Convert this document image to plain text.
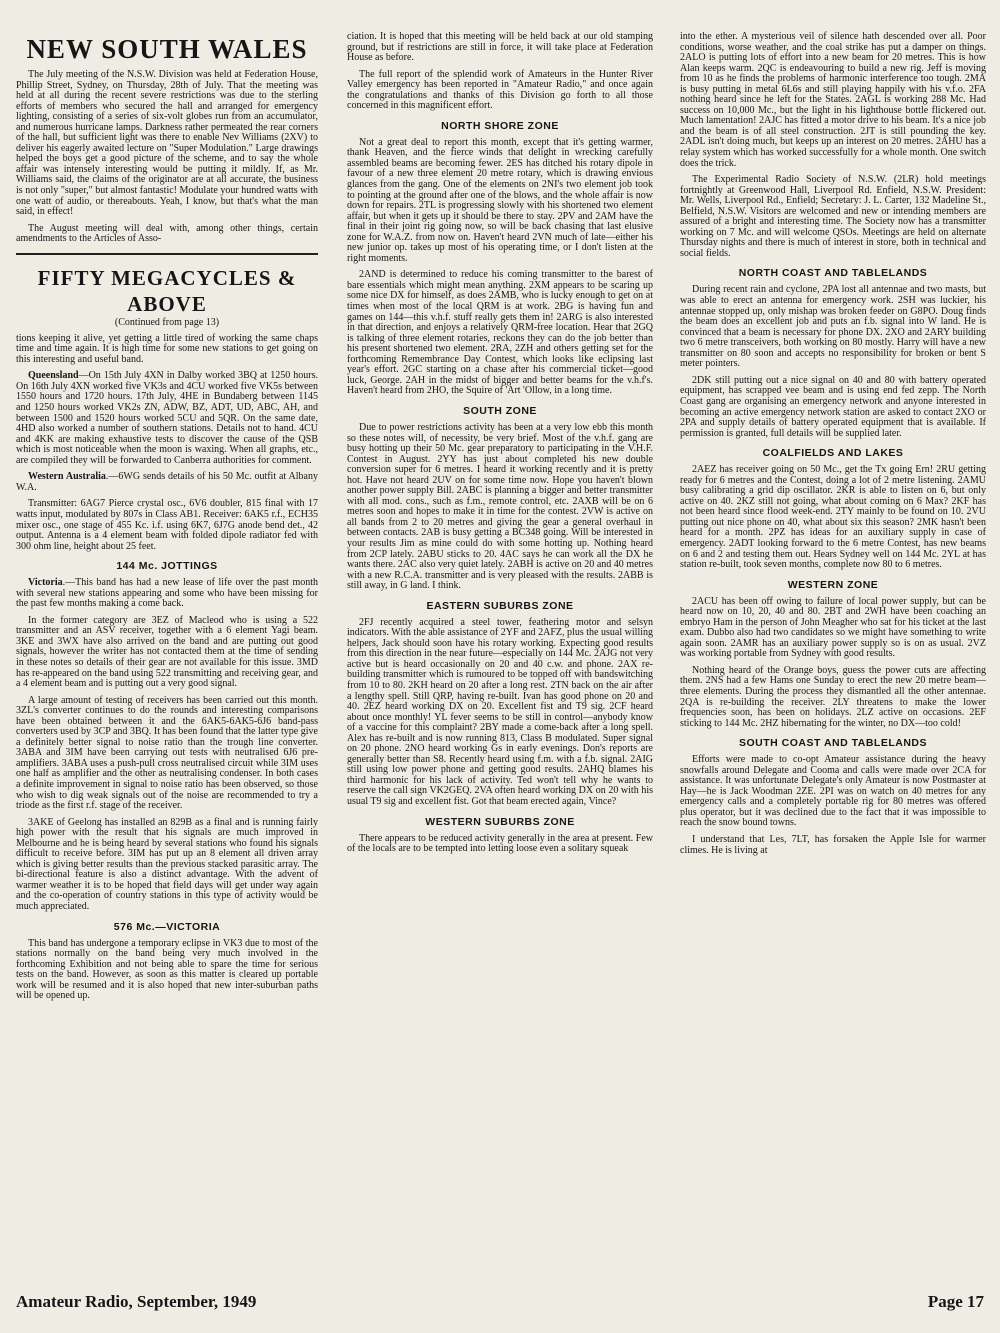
NEW SOUTH WALES

The July meeting of the N.S.W. Division was held at Federation House, Phillip Street, Sydney, on Thursday, 28th of July. That the meeting was held at all during the recent severe restrictions was due to the sterling efforts of members who secured the hall and arranged for emergency lighting, consisting of a series of six-volt globes run from an accumulator, and numerous hurricane lamps. Darkness rather permeated the rear corners of the hall, but sufficient light was there to enable Nev Williams (2XV) to deliver his eagerly awaited lecture on "Super Modulation." Large drawings helped the boys get a good picture of the scheme, and to say the whole affair was intensely interesting would be putting it mildly. If, as Mr. Williams said, the claims of the originator are at all accurate, the business is not only "super," but almost fantastic! Modulate your hundred watts with one watt of audio, or thereabouts. Yeah, I know, but that's what the man said, in effect!

The August meeting will deal with, among other things, certain amendments to the Articles of Asso-

FIFTY MEGACYCLES & ABOVE
(Continued from page 13)

tions keeping it alive, yet getting a little tired of working the same chaps time and time again. It is high time for some new stations to get going on this interesting and useful band.

Queensland—On 15th July 4XN in Dalby worked 3BQ at 1250 hours. On 16th July 4XN worked five VK3s and 4CU worked five VK5s between 1550 hours and 1720 hours. 17th July, 4HE in Bundaberg between 1145 and 1250 hours worked VK2s ZN, ADW, BZ, ADT, UD, ABC, AH, and between 1500 and 1520 hours worked 5CU and 5QR. On the same date, 4HD also worked a number of southern stations. Details not to hand. 4CU and 4KK are making exhaustive tests to discover the cause of the QSB which is most noticeable when the moon is waxing. When all graphs, etc., are compiled they will be forwarded to Canberra authorities for comment.

Western Australia.—6WG sends details of his 50 Mc. outfit at Albany W.A.

Transmitter: 6AG7 Pierce crystal osc., 6V6 doubler, 815 final with 17 watts input, modulated by 807s in Class AB1. Receiver: 6AK5 r.f., ECH35 mixer osc., one stage of 455 Kc. i.f. using 6K7, 6J7G anode bend det., 42 output. Antenna is a 4 element beam with folded dipole radiator fed with 300 ohm line, height about 25 feet.

144 Mc. JOTTINGS

Victoria.—This band has had a new lease of life over the past month with several new stations appearing and some who have been missing for the past few months making a come back.

In the former category are 3EZ of Macleod who is using a 522 transmitter and an ASV receiver, together with a 6 element Yagi beam. 3KE and 3WX have also arrived on the band and are putting out good signals, however the writer has not contacted them at the time of sending in these notes so details of their gear are not available for this issue. 3MD has re-appeared on the band using 522 transmitting and receiving gear, and a 4 element beam and is putting out a very good signal.

A large amount of testing of receivers has been carried out this month. 3ZL's converter continues to do the rounds and interesting comparisons have been obtained between it and the 6AK5-6AK5-6J6 band-pass converters used by 3CP and 3BQ. It has been found that the latter type give a definitely better signal to noise ratio than the trough line converter. 3ABA and 3IM have been carrying out tests with neutralised 6J6 pre-amplifiers. 3ABA uses a push-pull cross neutralised circuit while 3IM uses one half as amplifier and the other as neutralising condenser. In both cases a definite improvement in signal to noise ratio has been observed, so those who wish to dig weak signals out of the noise are recommended to try a triode as the first r.f. stage of the receiver.

3AKE of Geelong has installed an 829B as a final and is running fairly high power with the result that his signals are much improved in Melbourne and he is being heard by several stations who found his signals difficult to receive before. 3IM has put up an 8 element all driven array which is giving better results than the previous stacked parasitic array. The bi-directional feature is also a distinct advantage. With the advent of warmer weather it is to be hoped that field days will get under way again and the co-operation of country stations in this type of activity would be much appreciated.

576 Mc.—VICTORIA

This band has undergone a temporary eclipse in VK3 due to most of the stations normally on the band being very much involved in the forthcoming Exhibition and not being able to spare the time for serious tests on the band. However, as soon as this matter is cleared up portable work will be resumed and it is also hoped that new inter-suburban paths will be opened up.

ciation. It is hoped that this meeting will be held back at our old stamping ground, but if restrictions are still in force, it will take place at Federation House as before.

The full report of the splendid work of Amateurs in the Hunter River Valley emergency has been reported in "Amateur Radio," and once again the congratulations and thanks of this Division go forth to all those concerned in this magnificent effort.

NORTH SHORE ZONE

Not a great deal to report this month, except that it's getting warmer, thank Heaven, and the fierce winds that delight in wrecking carefully assembled beams are becoming fewer. 2ES has ditched his rotary dipole in favour of a new three element 20 metre rotary, which is drawing envious glances from the gang. One of the elements on 2NI's two element job took to pointing at the ground after one of the blows, and the whole affair is now down for repairs. 2TL is progressing slowly with his shortened two element affair, but when it gets up it should be there to stay. 2PV and 2AM have the final in their joint rig going now, so will be back chasing that last elusive zone for W.A.Z. from now on. Haven't heard 2VN much of late—either his new junior op. takes up most of his operating time, or I don't listen at the right moments.

2AND is determined to reduce his coming transmitter to the barest of bare essentials which might mean anything. 2XM appears to be scaring up some nice DX for himself, as does 2AMB, who is lucky enough to get on at times when most of the local QRM is at work. 2BG is having fun and games on 144—this v.h.f. stuff really gets them in! 2ARG is also interested in that direction, and enjoys a relatively QRM-free location. Hear that 2GQ is talking of three element rotaries, reckons they can do the job better than his present shortened two element. 2RA, 2ZH and others getting set for the forthcoming Remembrance Day Contest, which looks like eclipsing last year's effort. 2GC starting on a chase after his commercial ticket—good luck, George. 2AH in the midst of bigger and better beams for the v.h.f's. Haven't heard from 2HO, the Squire of 'Art 'Ollow, in a long time.

SOUTH ZONE

Due to power restrictions activity has been at a very low ebb this month so these notes will, of necessity, be very brief. Most of the v.h.f. gang are busy hotting up their 50 Mc. gear preparatory to participating in the V.H.F. Contest in August. 2YY has just about completed his new double conversion super for 6 metres. I heard it working recently and it is pretty hot. Have not heard 2UV on for some time now. Hope you haven't blown another power supply Bill. 2ABC is planning a bigger and better transmitter with all mod. cons., such as f.m., remote control, etc. 2AXB will be on 6 metres soon and hopes to make it in time for the contest. 2VW is active on all bands from 2 to 20 metres and giving the gear a general overhaul in between contacts. 2AB is busy getting a BC348 going. Will be interested in your results Jim as mine could do with some hotting up. Nothing heard from 2CP lately. 2ABU sticks to 20. 4AC says he can work all the DX he wants there. 2AC also very quiet lately. 2ABH is active on 20 and 40 metres with a new R.C.A. transmitter and is very pleased with the results. 2ABB is still away, in G land. I think.

EASTERN SUBURBS ZONE

2FJ recently acquired a steel tower, feathering motor and selsyn indicators. With the able assistance of 2YF and 2AFZ, plus the usual willing helpers, Jack should soon have his rotary working. Expecting good results from this direction in the near future—especially on 144 Mc. 2AJG not very active but is heard occasionally on 20 and 40 c.w. and phone. 2AX re-building transmitter which is rumoured to be topped off with bandswitching from 10 to 80. 2KH heard on 20 after a long rest. 2TN back on the air after a lengthy spell. Still QRP, having re-built. Ivan has good phone on 20 and 40. 2EZ heard working DX on 20. Excellent fist and T9 sig. 2CF heard about once monthly! YL fever seems to be still in control—anybody know of a vaccine for this complaint? 2BY made a come-back after a long spell. Alex has re-built and is now running 813, Class B modulated. Super signal on 20 phone. 2NO heard working Gs in early evenings. Don's reports are generally better than S8. Recently heard using f.m. with a f.b. signal. 2AIG still using low power phone and getting good results. 2AHQ blames his third harmonic for his lack of activity. Ted won't tell why he wants to reserve the call sign VK2GEQ. 2VA often heard working DX on 20 with his usual T9 sig and excellent fist. Got that beam erected again, Vince?

WESTERN SUBURBS ZONE

There appears to be reduced activity generally in the area at present. Few of the locals are to be tempted into letting loose even a solitary squeak

into the ether. A mysterious veil of silence hath descended over all. Poor conditions, worse weather, and the coal strike has put a damper on things. 2ALO is putting lots of effort into a new beam for 20 metres. This is how Alan keeps warm. 2QC is endeavouring to build a new rig. Jeff is moving from 10 as he finds the problems of harmonic interference too tough. 2MA is busy putting in metal 6L6s and still playing happily with his v.f.o. 2FA nothing heard since he left for the States. 2AGL is working 288 Mc. Had success on 10,000 Mc., but the light in his lighthouse bottle flickered out. Much lamentation! 2AJC has fitted a motor drive to his beam. It's a nice job and the beam is of all steel construction. 2JT is still pounding the key. 2ADL isn't doing much, but keeps up an interest on 20 metres. 2AHU has a relay system which has worked successfully for a whole month. One switch does the trick.

The Experimental Radio Society of N.S.W. (2LR) hold meetings fortnightly at Greenwood Hall, Liverpool Rd. Enfield, N.S.W. President: Mr. Wells, Liverpool Rd., Enfield; Secretary: J. L. Carter, 132 Madeline St., Belfield, N.S.W. Visitors are welcomed and new or intending members are assured of a bright and interesting time. The Society now has a transmitter working on 7 Mc. and will welcome QSOs. Meetings are held on alternate Thursday nights and there is much of interest in store, both in technical and social fields.

NORTH COAST AND TABLELANDS

During recent rain and cyclone, 2PA lost all antennae and two masts, but was able to erect an antenna for emergency work. 2SH was luckier, his antennae stopped up, only mishap was broken feeder on G8PO. Doug finds the beam does an excellent job and puts an f.b. signal into W land. He is convinced that a beam is necessary for phone DX. 2XO and 2ARY building two 6 metre transceivers, both working on 80 mostly. Harry will have a new transmitter on 80 soon and accepts no responsibility for broken or bent S meter pointers.

2DK still putting out a nice signal on 40 and 80 with battery operated equipment, has scrapped vee beam and is using end fed zepp. The North Coast gang are organising an emergency network and anyone interested in becoming an active emergency network station are asked to contact 2XO or 2PA and supply details of battery operated equipment that is available. If permission is granted, full details will be supplied later.

COALFIELDS AND LAKES

2AEZ has receiver going on 50 Mc., get the Tx going Ern! 2RU getting ready for 6 metres and the Contest, doing a lot of 2 metre listening. 2AMU busy calibrating a grid dip oscillator. 2KR is able to listen on 6, but only active on 40. 2KZ still not going, what about coming on 6 Max? 2KF has not been heard since flood week-end. 2TY mainly to be found on 10. 2VU putting out nice phone on 40, what about six this season? 2MK hasn't been heard for a month. 2PZ has ideas for an auxiliary supply in case of emergency. 2ADT looking forward to the 6 metre Contest, has new beams on 6 and 2 and testing them out. Hears Sydney well on 144 Mc. 2YL at has station re-built, took seven months, complete now 80 to 6 metres.

WESTERN ZONE

2ACU has been off owing to failure of local power supply, but can be heard now on 10, 20, 40 and 80. 2BT and 2WH have been coaching an embryo Ham in the person of John Meagher who sat for his ticket at the last exam. Dubbo also had two candidates so we might have something to write again soon. 2AMR has an auxiliary power supply so is on as usual. 2VZ was working portable from Sydney with good results.

Nothing heard of the Orange boys, guess the power cuts are affecting them. 2NS had a few Hams one Sunday to erect the new 20 metre beam—three elements. During the process they dismantled all the other antennae. 2QA is re-building the receiver. 2LY threatens to make the lower frequencies soon, has been on holidays. 2LZ active on occasions. 2EF sticking to 144 Mc. 2HZ hibernating for the winter, no DX—too cold!

SOUTH COAST AND TABLELANDS

Efforts were made to co-opt Amateur assistance during the heavy snowfalls around Delegate and Cooma and calls were made over 2CA for assistance. It was unfortunate Delegate's only Amateur is now Postmaster at Hay—he is Jack Woodman 2ZE. 2PI was on watch on 40 metres for any emergency calls and a completely portable rig for 80 metres was offered plus operator, but it was declined due to the fact that it was impossible to reach the snow bound towns.

I understand that Les, 7LT, has forsaken the Apple Isle for warmer climes. He is living at

Amateur Radio, September, 1949	Page 17
